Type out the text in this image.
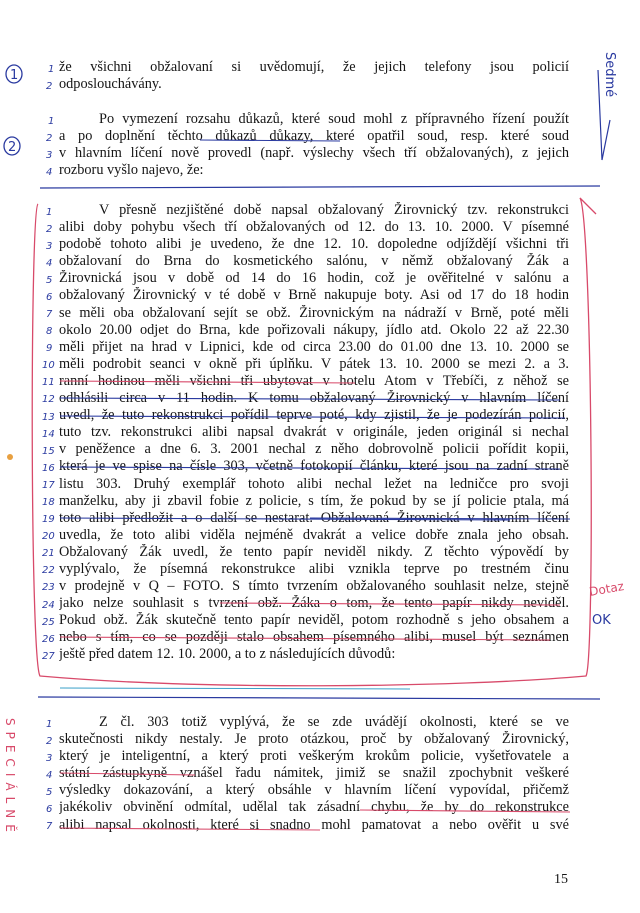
že všichni obžalovaní si uvědomují, že jejich telefony jsou policií
odposlouchávány.
Po vymezení rozsahu důkazů, které soud mohl z přípravného řízení použít
a po doplnění těchto důkazů důkazy, které opatřil soud, resp. které soud
v hlavním líčení nově provedl (např. výslechy všech tří obžalovaných), z jejich
rozboru vyšlo najevo, že:
V přesně nezjištěné době napsal obžalovaný Žirovnický tzv. rekonstrukci
alibi doby pohybu všech tří obžalovaných od 12. do 13. 10. 2000. V písemné
podobě tohoto alibi je uvedeno, že dne 12. 10. dopoledne odjíždějí všichni tři
obžalovaní do Brna do kosmetického salónu, v němž obžalovaný Žák a
Žirovnická jsou v době od 14 do 16 hodin, což je ověřitelné v salónu a
obžalovaný Žirovnický v té době v Brně nakupuje boty. Asi od 17 do 18 hodin
se měli oba obžalovaní sejít se obž. Žirovnickým na nádraží v Brně, poté měli
okolo 20.00 odjet do Brna, kde pořizovali nákupy, jídlo atd. Okolo 22 až 22.30
měli přijet na hrad v Lipnici, kde od circa 23.00 do 01.00 dne 13. 10. 2000 se
měli podrobit seanci v okně při úplňku. V pátek 13. 10. 2000 se mezi 2. a 3.
ranní hodinou měli všichni tři ubytovat v hotelu Atom v Třebíči, z něhož se
odhlásili circa v 11 hodin. K tomu obžalovaný Žirovnický v hlavním líčení
uvedl, že tuto rekonstrukci pořídil teprve poté, kdy zjistil, že je podezírán policií,
tuto tzv. rekonstrukci alibi napsal dvakrát v originále, jeden originál si nechal
v peněžence a dne 6. 3. 2001 nechal z něho dobrovolně policii pořídit kopii,
která je ve spise na čísle 303, včetně fotokopií článku, které jsou na zadní straně
listu 303. Druhý exemplář tohoto alibi nechal ležet na ledničce pro svoji
manželku, aby ji zbavil fobie z policie, s tím, že pokud by se jí policie ptala, má
toto alibi předložit a o další se nestarat. Obžalovaná Žirovnická v hlavním líčení
uvedla, že toto alibi viděla nejméně dvakrát a velice dobře znala jeho obsah.
Obžalovaný Žák uvedl, že tento papír neviděl nikdy. Z těchto výpovědí by
vyplývalo, že písemná rekonstrukce alibi vznikla teprve po trestném činu
v prodejně v Q – FOTO. S tímto tvrzením obžalovaného souhlasit nelze, stejně
jako nelze souhlasit s tvrzení obž. Žáka o tom, že tento papír nikdy neviděl.
Pokud obž. Žák skutečně tento papír neviděl, potom rozhodně s jeho obsahem a
nebo s tím, co se později stalo obsahem písemného alibi, musel být seznámen
ještě před datem 12. 10. 2000, a to z následujících důvodů:
Z čl. 303 totiž vyplývá, že se zde uvádějí okolnosti, které se ve
skutečnosti nikdy nestaly. Je proto otázkou, proč by obžalovaný Žirovnický,
který je inteligentní, a který proti veškerým krokům policie, vyšetřovatele a
státní zástupkyně vznášel řadu námitek, jimiž se snažil zpochybnit veškeré
výsledky dokazování, a který obsáhle v hlavním líčení vypovídal, přičemž
jakékoliv obvinění odmítal, udělal tak zásadní chybu, že by do rekonstrukce
alibi napsal okolnosti, které si snadno mohl pamatovat a nebo ověřit u své
15
1
2
Sedmé
1
2
1
2
3
4
1
2
3
4
5
6
7
8
9
10
11
12
13
14
15
16
17
18
19
20
21
22
23
24
25
26
27
Dotaz
OK
1
2
3
4
5
6
7
SPECIÁLNĚ
